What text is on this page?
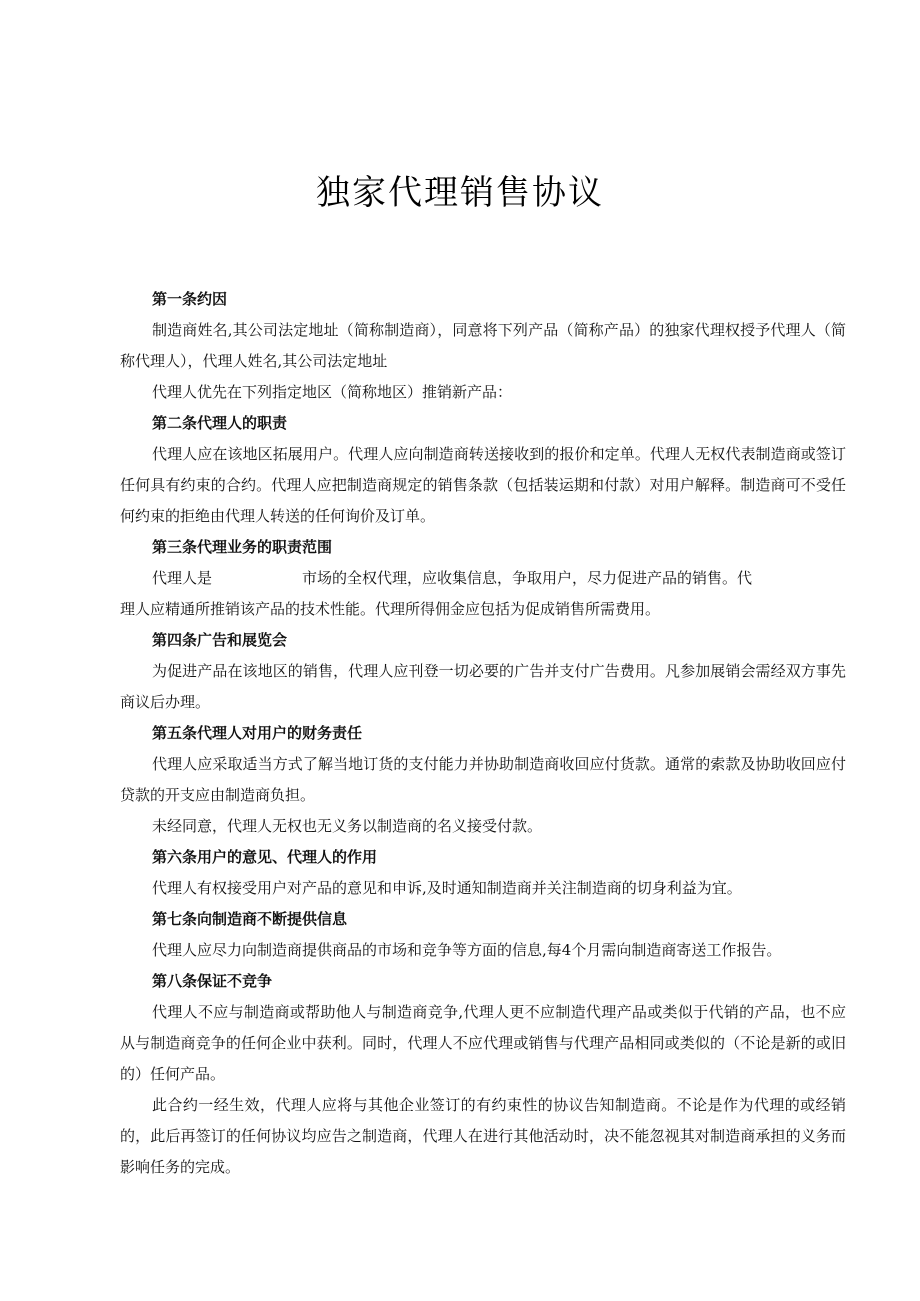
独家代理销售协议

第一条约因

制造商姓名,其公司法定地址（简称制造商），同意将下列产品（简称产品）的独家代理权授予代理人（简称代理人），代理人姓名,其公司法定地址

代理人优先在下列指定地区（简称地区）推销新产品：

第二条代理人的职责

代理人应在该地区拓展用户。代理人应向制造商转送接收到的报价和定单。代理人无权代表制造商或签订任何具有约束的合约。代理人应把制造商规定的销售条款（包括装运期和付款）对用户解释。制造商可不受任何约束的拒绝由代理人转送的任何询价及订单。

第三条代理业务的职责范围

代理人是	市场的全权代理，应收集信息，争取用户，尽力促进产品的销售。代
理人应精通所推销该产品的技术性能。代理所得佣金应包括为促成销售所需费用。

第四条广告和展览会

为促进产品在该地区的销售，代理人应刊登一切必要的广告并支付广告费用。凡参加展销会需经双方事先商议后办理。

第五条代理人对用户的财务责任

代理人应采取适当方式了解当地订货的支付能力并协助制造商收回应付货款。通常的索款及协助收回应付贷款的开支应由制造商负担。

未经同意，代理人无权也无义务以制造商的名义接受付款。

第六条用户的意见、代理人的作用

代理人有权接受用户对产品的意见和申诉,及时通知制造商并关注制造商的切身利益为宜。

第七条向制造商不断提供信息

代理人应尽力向制造商提供商品的市场和竞争等方面的信息,每4个月需向制造商寄送工作报告。

第八条保证不竞争

代理人不应与制造商或帮助他人与制造商竞争,代理人更不应制造代理产品或类似于代销的产品，也不应从与制造商竞争的任何企业中获利。同时，代理人不应代理或销售与代理产品相同或类似的（不论是新的或旧的）任何产品。

此合约一经生效，代理人应将与其他企业签订的有约束性的协议告知制造商。不论是作为代理的或经销的，此后再签订的任何协议均应告之制造商，代理人在进行其他活动时，决不能忽视其对制造商承担的义务而影响任务的完成。
